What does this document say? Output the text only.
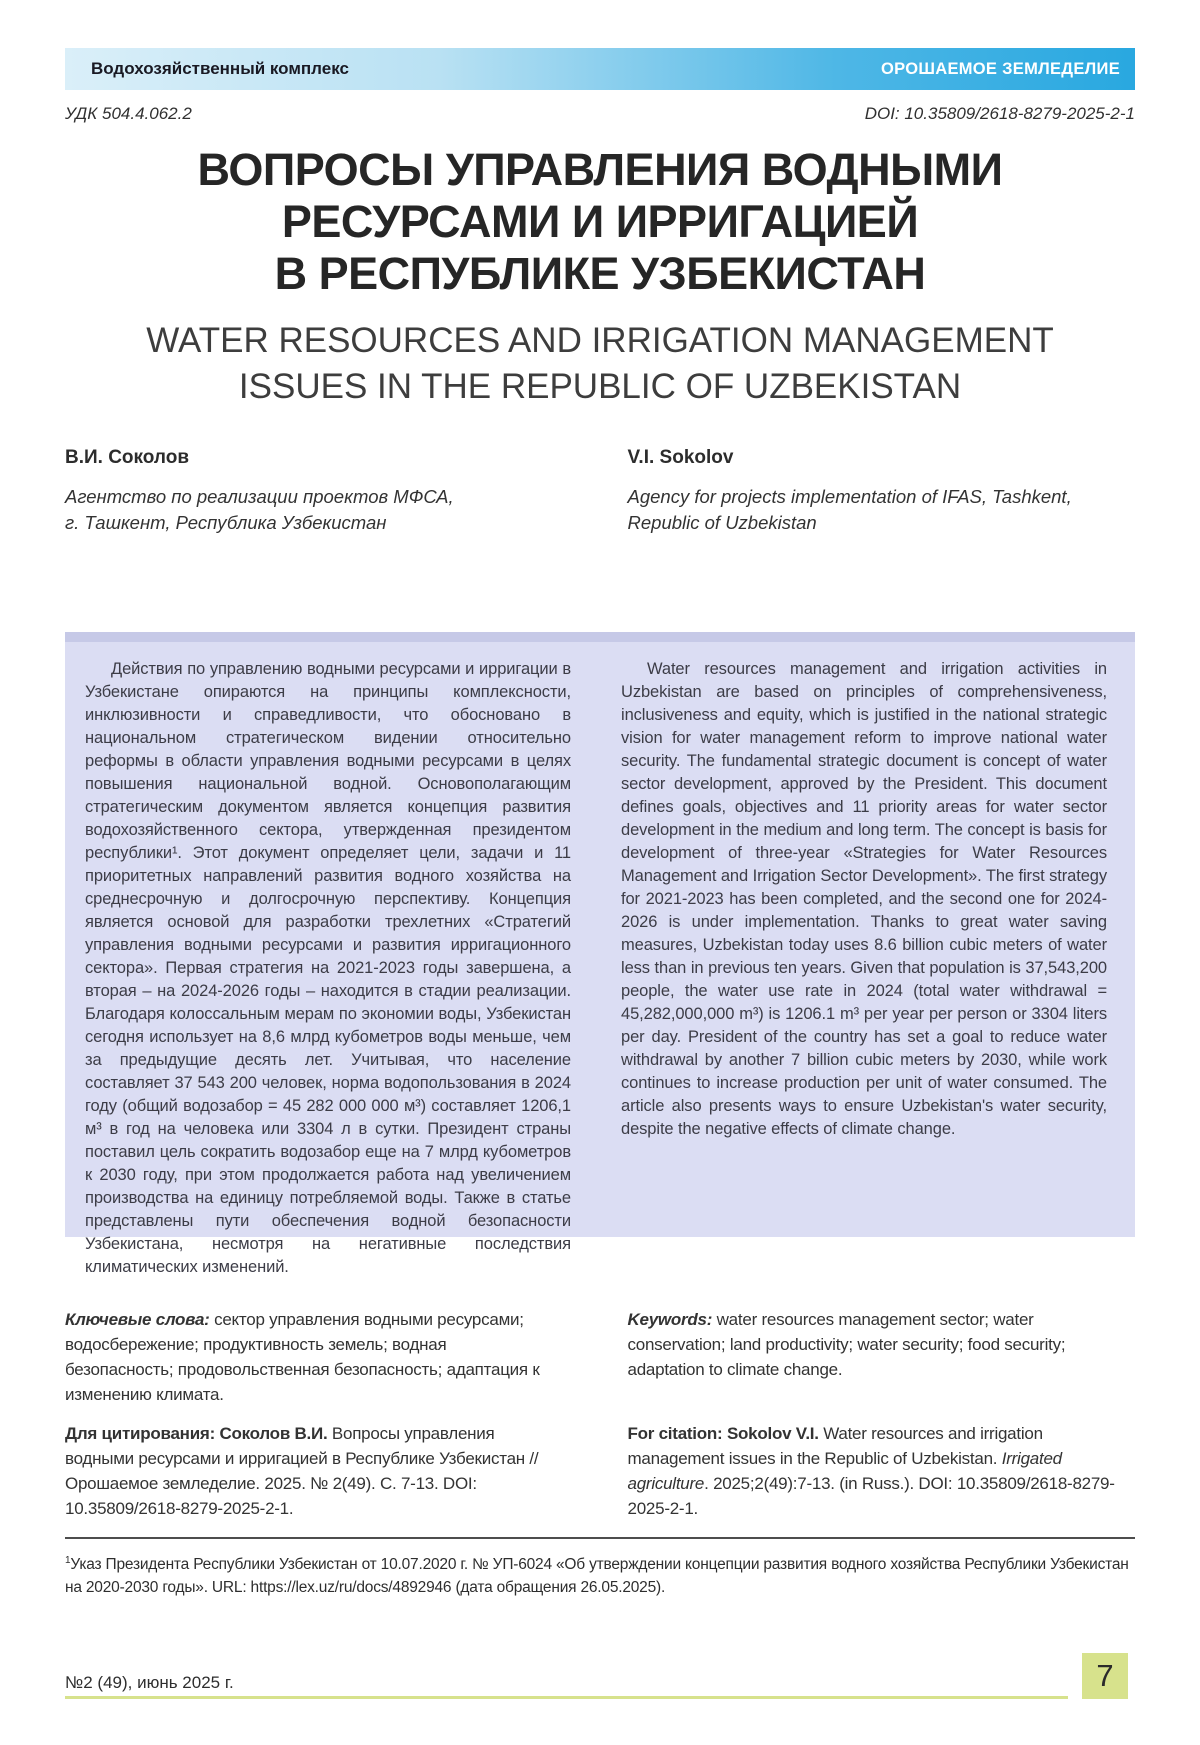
Водохозяйственный комплекс	ОРОШАЕМОЕ ЗЕМЛЕДЕЛИЕ
УДК 504.4.062.2	DOI: 10.35809/2618-8279-2025-2-1
ВОПРОСЫ УПРАВЛЕНИЯ ВОДНЫМИ
РЕСУРСАМИ И ИРРИГАЦИЕЙ
В РЕСПУБЛИКЕ УЗБЕКИСТАН
WATER RESOURCES AND IRRIGATION MANAGEMENT
ISSUES IN THE REPUBLIC OF UZBEKISTAN
В.И. Соколов	V.I. Sokolov
Агентство по реализации проектов МФСА,
г. Ташкент, Республика Узбекистан
Agency for projects implementation of IFAS, Tashkent,
Republic of Uzbekistan

Действия по управлению водными ресурсами и ирригации в Узбекистане опираются на принципы комплексности, инклюзивности и справедливости, что обосновано в национальном стратегическом видении относительно реформы в области управления водными ресурсами в целях повышения национальной водной. Основополагающим стратегическим документом является концепция развития водохозяйственного сектора, утвержденная президентом республики¹. Этот документ определяет цели, задачи и 11 приоритетных направлений развития водного хозяйства на среднесрочную и долгосрочную перспективу. Концепция является основой для разработки трехлетних «Стратегий управления водными ресурсами и развития ирригационного сектора». Первая стратегия на 2021-2023 годы завершена, а вторая – на 2024-2026 годы – находится в стадии реализации. Благодаря колоссальным мерам по экономии воды, Узбекистан сегодня использует на 8,6 млрд кубометров воды меньше, чем за предыдущие десять лет. Учитывая, что население составляет 37 543 200 человек, норма водопользования в 2024 году (общий водозабор = 45 282 000 000 м³) составляет 1206,1 м³ в год на человека или 3304 л в сутки. Президент страны поставил цель сократить водозабор еще на 7 млрд кубометров к 2030 году, при этом продолжается работа над увеличением производства на единицу потребляемой воды. Также в статье представлены пути обеспечения водной безопасности Узбекистана, несмотря на негативные последствия климатических изменений.

Water resources management and irrigation activities in Uzbekistan are based on principles of comprehensiveness, inclusiveness and equity, which is justified in the national strategic vision for water management reform to improve national water security. The fundamental strategic document is concept of water sector development, approved by the President. This document defines goals, objectives and 11 priority areas for water sector development in the medium and long term. The concept is basis for development of three-year «Strategies for Water Resources Management and Irrigation Sector Development». The first strategy for 2021-2023 has been completed, and the second one for 2024-2026 is under implementation. Thanks to great water saving measures, Uzbekistan today uses 8.6 billion cubic meters of water less than in previous ten years. Given that population is 37,543,200 people, the water use rate in 2024 (total water withdrawal = 45,282,000,000 m³) is 1206.1 m³ per year per person or 3304 liters per day. President of the country has set a goal to reduce water withdrawal by another 7 billion cubic meters by 2030, while work continues to increase production per unit of water consumed. The article also presents ways to ensure Uzbekistan's water security, despite the negative effects of climate change.

Ключевые слова: сектор управления водными ресурсами;
водосбережение; продуктивность земель; водная
безопасность; продовольственная безопасность; адаптация к
изменению климата.

Keywords: water resources management sector; water conservation; land productivity; water security; food security; adaptation to climate change.

Для цитирования: Соколов В.И. Вопросы управления
водными ресурсами и ирригацией в Республике Узбекистан //
Орошаемое земледелие. 2025. № 2(49). С. 7-13. DOI:
10.35809/2618-8279-2025-2-1.

For citation: Sokolov V.I. Water resources and irrigation management issues in the Republic of Uzbekistan. Irrigated agriculture. 2025;2(49):7-13. (in Russ.). DOI: 10.35809/2618-8279-2025-2-1.

$^1$Указ Президента Республики Узбекистан от 10.07.2020 г. № УП-6024 «Об утверждении концепции развития водного хозяйства Республики Узбекистан на 2020-2030 годы». URL: https://lex.uz/ru/docs/4892946 (дата обращения 26.05.2025).

№2 (49), июнь 2025 г.	7
